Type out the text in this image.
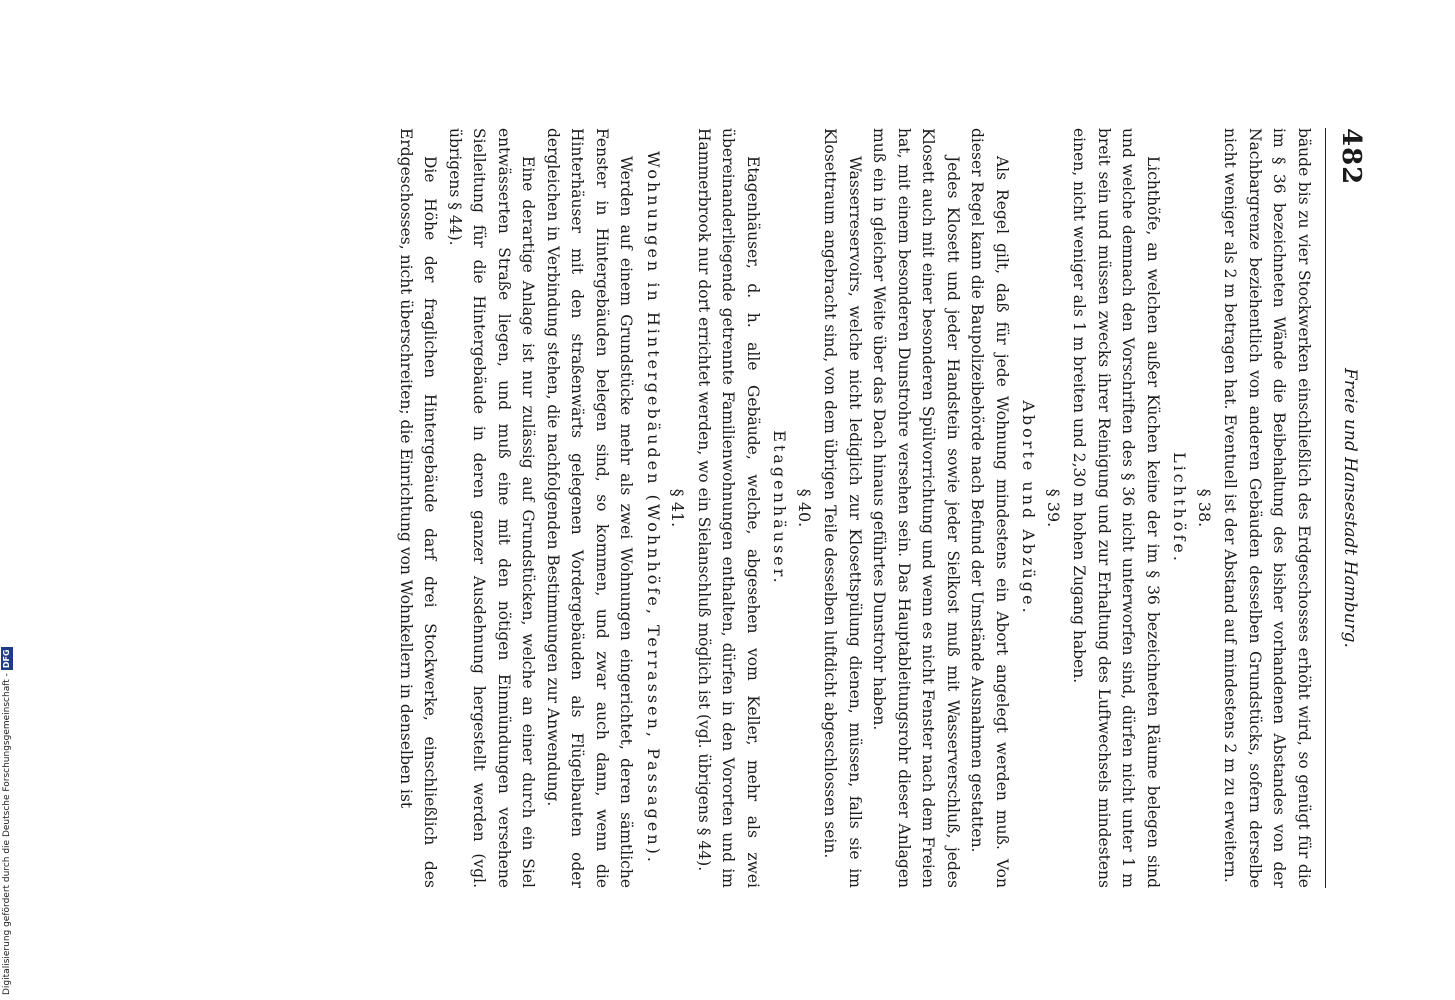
482
Freie und Hansestadt Hamburg.

bäude bis zu vier Stockwerken einschließlich des Erdgeschosses erhöht wird, so genügt für die im § 36 bezeichneten Wände die Beibehaltung des bisher vorhandenen Abstandes von der Nachbargrenze beziehentlich von anderen Gebäuden desselben Grundstücks, sofern derselbe nicht weniger als 2 m betragen hat. Eventuell ist der Abstand auf mindestens 2 m zu erweitern.

§ 38.
Lichthöfe.

Lichthöfe, an welchen außer Küchen keine der im § 36 bezeichneten Räume belegen sind und welche demnach den Vorschriften des § 36 nicht unterworfen sind, dürfen nicht unter 1 m breit sein und müssen zwecks ihrer Reinigung und zur Erhaltung des Luftwechsels mindestens einen, nicht weniger als 1 m breiten und 2,30 m hohen Zugang haben.

§ 39.
Aborte und Abzüge.

Als Regel gilt, daß für jede Wohnung mindestens ein Abort angelegt werden muß. Von dieser Regel kann die Baupolizeibehörde nach Befund der Umstände Ausnahmen gestatten.

Jedes Klosett und jeder Handstein sowie jeder Sielkost muß mit Wasserverschluß, jedes Klosett auch mit einer besonderen Spülvorrichtung und wenn es nicht Fenster nach dem Freien hat, mit einem besonderen Dunstrohre versehen sein. Das Hauptableitungsrohr dieser Anlagen muß ein in gleicher Weite über das Dach hinaus geführtes Dunstrohr haben.

Wasserreservoirs, welche nicht lediglich zur Klosettspülung dienen, müssen, falls sie im Klosettraum angebracht sind, von dem übrigen Teile desselben luftdicht abgeschlossen sein.

§ 40.
Etagenhäuser.

Etagenhäuser, d. h. alle Gebäude, welche, abgesehen vom Keller, mehr als zwei übereinanderliegende getrennte Familienwohnungen enthalten, dürfen in den Vororten und im Hammerbrook nur dort errichtet werden, wo ein Sielanschluß möglich ist (vgl. übrigens § 44).

§ 41.
Wohnungen in Hintergebäuden (Wohnhöfe, Terrassen, Passagen).

Werden auf einem Grundstücke mehr als zwei Wohnungen eingerichtet, deren sämtliche Fenster in Hintergebäuden belegen sind, so kommen, und zwar auch dann, wenn die Hinterhäuser mit den straßenwärts gelegenen Vordergebäuden als Flügelbauten oder dergleichen in Verbindung stehen, die nachfolgenden Bestimmungen zur Anwendung.

Eine derartige Anlage ist nur zulässig auf Grundstücken, welche an einer durch ein Siel entwässerten Straße liegen, und muß eine mit den nötigen Einmündungen versehene Sielleitung für die Hintergebäude in deren ganzer Ausdehnung hergestellt werden (vgl. übrigens § 44).

Die Höhe der fraglichen Hintergebäude darf drei Stockwerke, einschließlich des Erdgeschosses, nicht überschreiten; die Einrichtung von Wohnkellern in denselben ist

Digitalisierung gefördert durch die Deutsche Forschungsgemeinschaft -DFG
